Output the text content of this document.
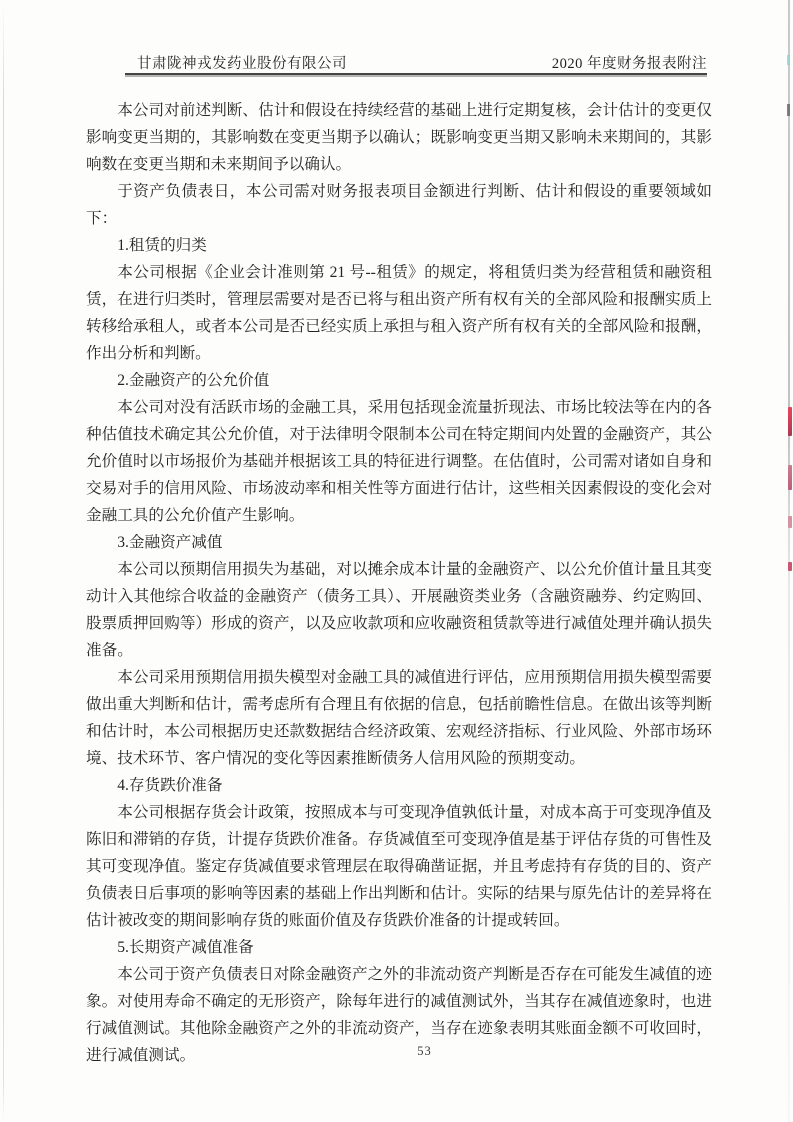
甘肃陇神戎发药业股份有限公司	2020 年度财务报表附注

本公司对前述判断、估计和假设在持续经营的基础上进行定期复核，会计估计的变更仅影响变更当期的，其影响数在变更当期予以确认；既影响变更当期又影响未来期间的，其影响数在变更当期和未来期间予以确认。

于资产负债表日，本公司需对财务报表项目金额进行判断、估计和假设的重要领域如下：

1.租赁的归类

本公司根据《企业会计准则第 21 号--租赁》的规定，将租赁归类为经营租赁和融资租赁，在进行归类时，管理层需要对是否已将与租出资产所有权有关的全部风险和报酬实质上转移给承租人，或者本公司是否已经实质上承担与租入资产所有权有关的全部风险和报酬，作出分析和判断。

2.金融资产的公允价值

本公司对没有活跃市场的金融工具，采用包括现金流量折现法、市场比较法等在内的各种估值技术确定其公允价值，对于法律明令限制本公司在特定期间内处置的金融资产，其公允价值时以市场报价为基础并根据该工具的特征进行调整。在估值时，公司需对诸如自身和交易对手的信用风险、市场波动率和相关性等方面进行估计，这些相关因素假设的变化会对金融工具的公允价值产生影响。

3.金融资产减值

本公司以预期信用损失为基础，对以摊余成本计量的金融资产、以公允价值计量且其变动计入其他综合收益的金融资产（债务工具）、开展融资类业务（含融资融券、约定购回、股票质押回购等）形成的资产，以及应收款项和应收融资租赁款等进行减值处理并确认损失准备。

本公司采用预期信用损失模型对金融工具的减值进行评估，应用预期信用损失模型需要做出重大判断和估计，需考虑所有合理且有依据的信息，包括前瞻性信息。在做出该等判断和估计时，本公司根据历史还款数据结合经济政策、宏观经济指标、行业风险、外部市场环境、技术环节、客户情况的变化等因素推断债务人信用风险的预期变动。

4.存货跌价准备

本公司根据存货会计政策，按照成本与可变现净值孰低计量，对成本高于可变现净值及陈旧和滞销的存货，计提存货跌价准备。存货减值至可变现净值是基于评估存货的可售性及其可变现净值。鉴定存货减值要求管理层在取得确凿证据，并且考虑持有存货的目的、资产负债表日后事项的影响等因素的基础上作出判断和估计。实际的结果与原先估计的差异将在估计被改变的期间影响存货的账面价值及存货跌价准备的计提或转回。

5.长期资产减值准备

本公司于资产负债表日对除金融资产之外的非流动资产判断是否存在可能发生减值的迹象。对使用寿命不确定的无形资产，除每年进行的减值测试外，当其存在减值迹象时，也进行减值测试。其他除金融资产之外的非流动资产，当存在迹象表明其账面金额不可收回时，进行减值测试。	53
